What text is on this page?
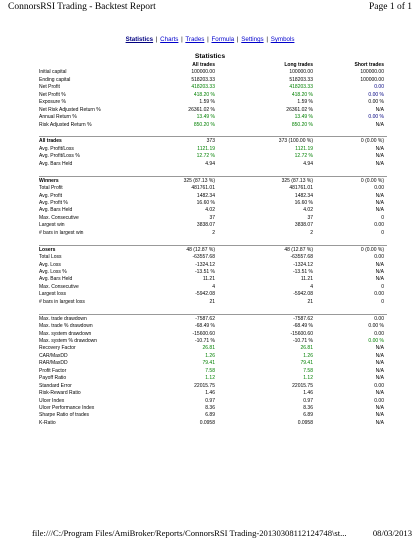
ConnorsRSI Trading - Backtest Report	Page 1 of 1
Statistics | Charts | Trades | Formula | Settings | Symbols
Statistics
All trades	Long trades	Short trades
Initial capital	100000.00	100000.00	100000.00
Ending capital	518203.33	518203.33	100000.00
Net Profit	418203.33	418203.33	0.00
Net Profit %	418.20 %	418.20 %	0.00 %
Exposure %	1.59 %	1.59 %	0.00 %
Net Risk Adjusted Return %	26361.02 %	26361.02 %	N/A
Annual Return %	13.49 %	13.49 %	0.00 %
Risk Adjusted Return %	850.20 %	850.20 %	N/A
All trades	373	373 (100.00 %)	0 (0.00 %)
Avg. Profit/Loss	1121.19	1121.19	N/A
Avg. Profit/Loss %	12.72 %	12.72 %	N/A
Avg. Bars Held	4.94	4.94	N/A
Winners	325 (87.13 %)	325 (87.13 %)	0 (0.00 %)
Total Profit	481761.01	481761.01	0.00
Avg. Profit	1482.34	1482.34	N/A
Avg. Profit %	16.60 %	16.60 %	N/A
Avg. Bars Held	4.02	4.02	N/A
Max. Consecutive	37	37	0
Largest win	3838.07	3838.07	0.00
# bars in largest win	2	2	0
Losers	48 (12.87 %)	48 (12.87 %)	0 (0.00 %)
Total Loss	-63557.68	-63557.68	0.00
Avg. Loss	-1324.12	-1324.12	N/A
Avg. Loss %	-13.51 %	-13.51 %	N/A
Avg. Bars Held	11.21	11.21	N/A
Max. Consecutive	4	4	0
Largest loss	-5942.08	-5942.08	0.00
# bars in largest loss	21	21	0
Max. trade drawdown	-7587.62	-7587.62	0.00
Max. trade % drawdown	-68.49 %	-68.49 %	0.00 %
Max. system drawdown	-15600.60	-15600.60	0.00
Max. system % drawdown	-10.71 %	-10.71 %	0.00 %
Recovery Factor	26.81	26.81	N/A
CAR/MaxDD	1.26	1.26	N/A
RAR/MaxDD	79.41	79.41	N/A
Profit Factor	7.58	7.58	N/A
Payoff Ratio	1.12	1.12	N/A
Standard Error	22015.75	22015.75	0.00
Risk-Reward Ratio	1.46	1.46	N/A
Ulcer Index	0.97	0.97	0.00
Ulcer Performance Index	8.36	8.36	N/A
Sharpe Ratio of trades	6.89	6.89	N/A
K-Ratio	0.0958	0.0958	N/A
file:///C:/Program Files/AmiBroker/Reports/ConnorsRSI Trading-20130308112124748\st...	08/03/2013
